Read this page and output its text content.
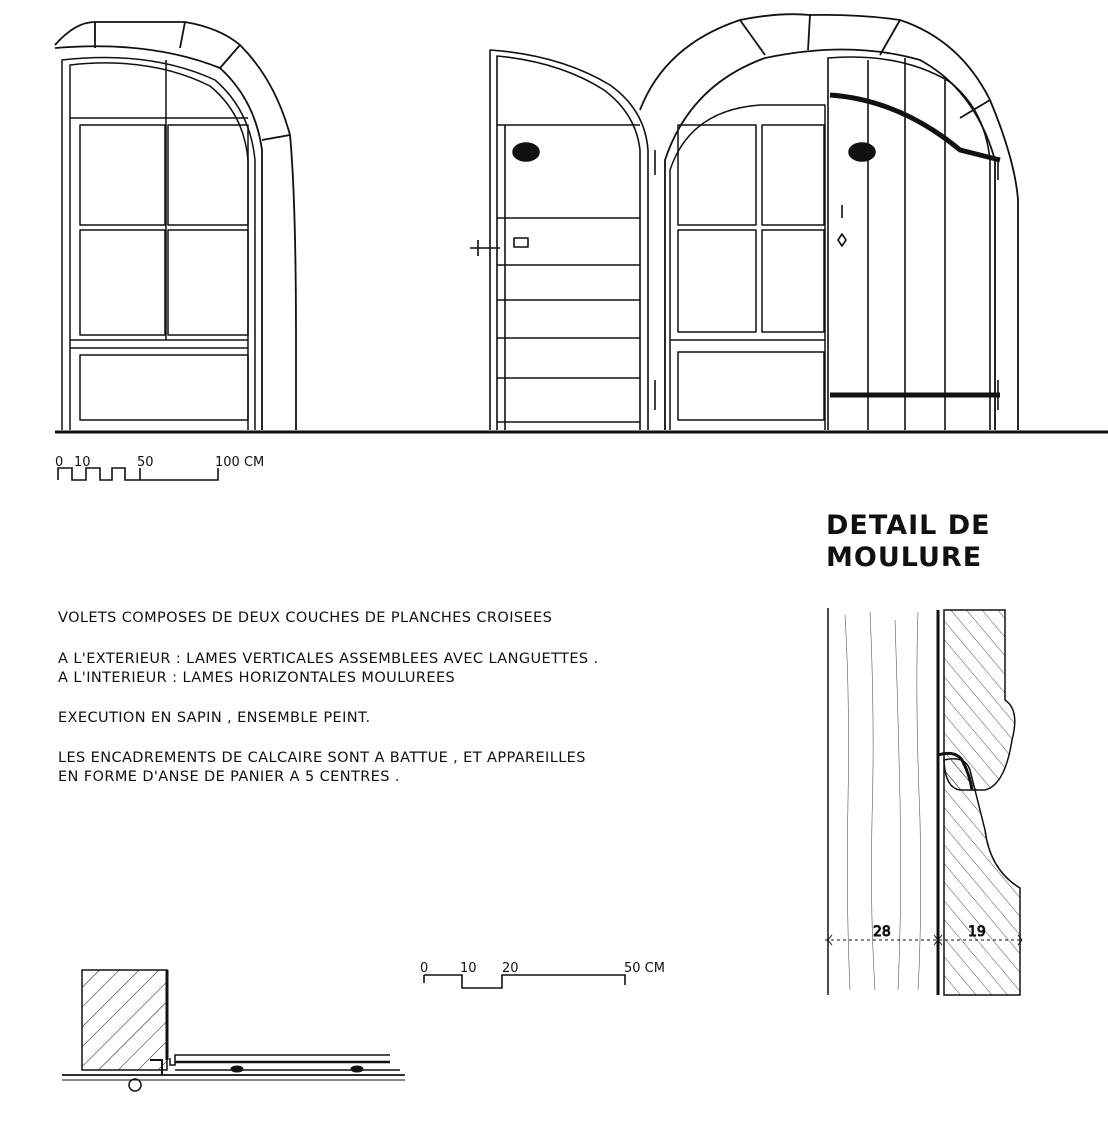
0 10	50	100 CM
0 10 20	50 CM
28	19
DETAIL DE
MOULURE

VOLETS COMPOSES DE DEUX COUCHES DE PLANCHES CROISEES

A L'EXTERIEUR : LAMES VERTICALES ASSEMBLEES AVEC LANGUETTES .

A L'INTERIEUR : LAMES HORIZONTALES MOULUREES

EXECUTION EN SAPIN , ENSEMBLE PEINT.

LES ENCADREMENTS DE CALCAIRE SONT A BATTUE , ET APPAREILLES

EN FORME D'ANSE DE PANIER A 5 CENTRES .
